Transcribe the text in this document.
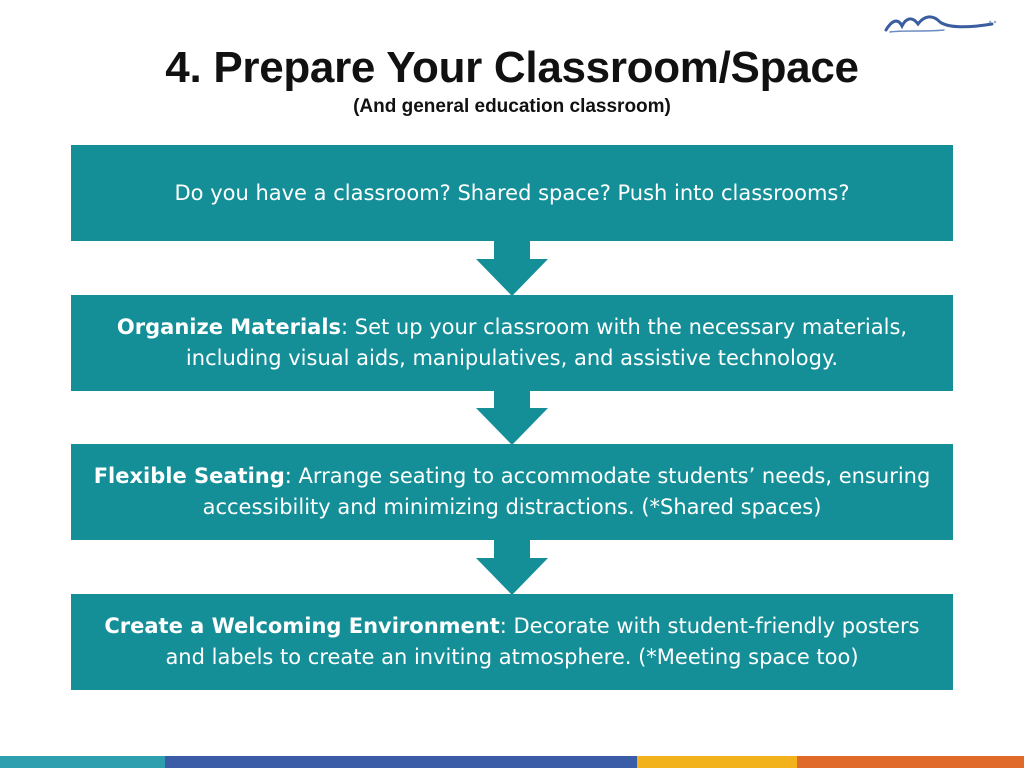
4. Prepare Your Classroom/Space
(And general education classroom)
Do you have a classroom? Shared space? Push into classrooms?
Organize Materials: Set up your classroom with the necessary materials, including visual aids, manipulatives, and assistive technology.
Flexible Seating: Arrange seating to accommodate students’ needs, ensuring accessibility and minimizing distractions. (*Shared spaces)
Create a Welcoming Environment: Decorate with student-friendly posters and labels to create an inviting atmosphere. (*Meeting space too)
